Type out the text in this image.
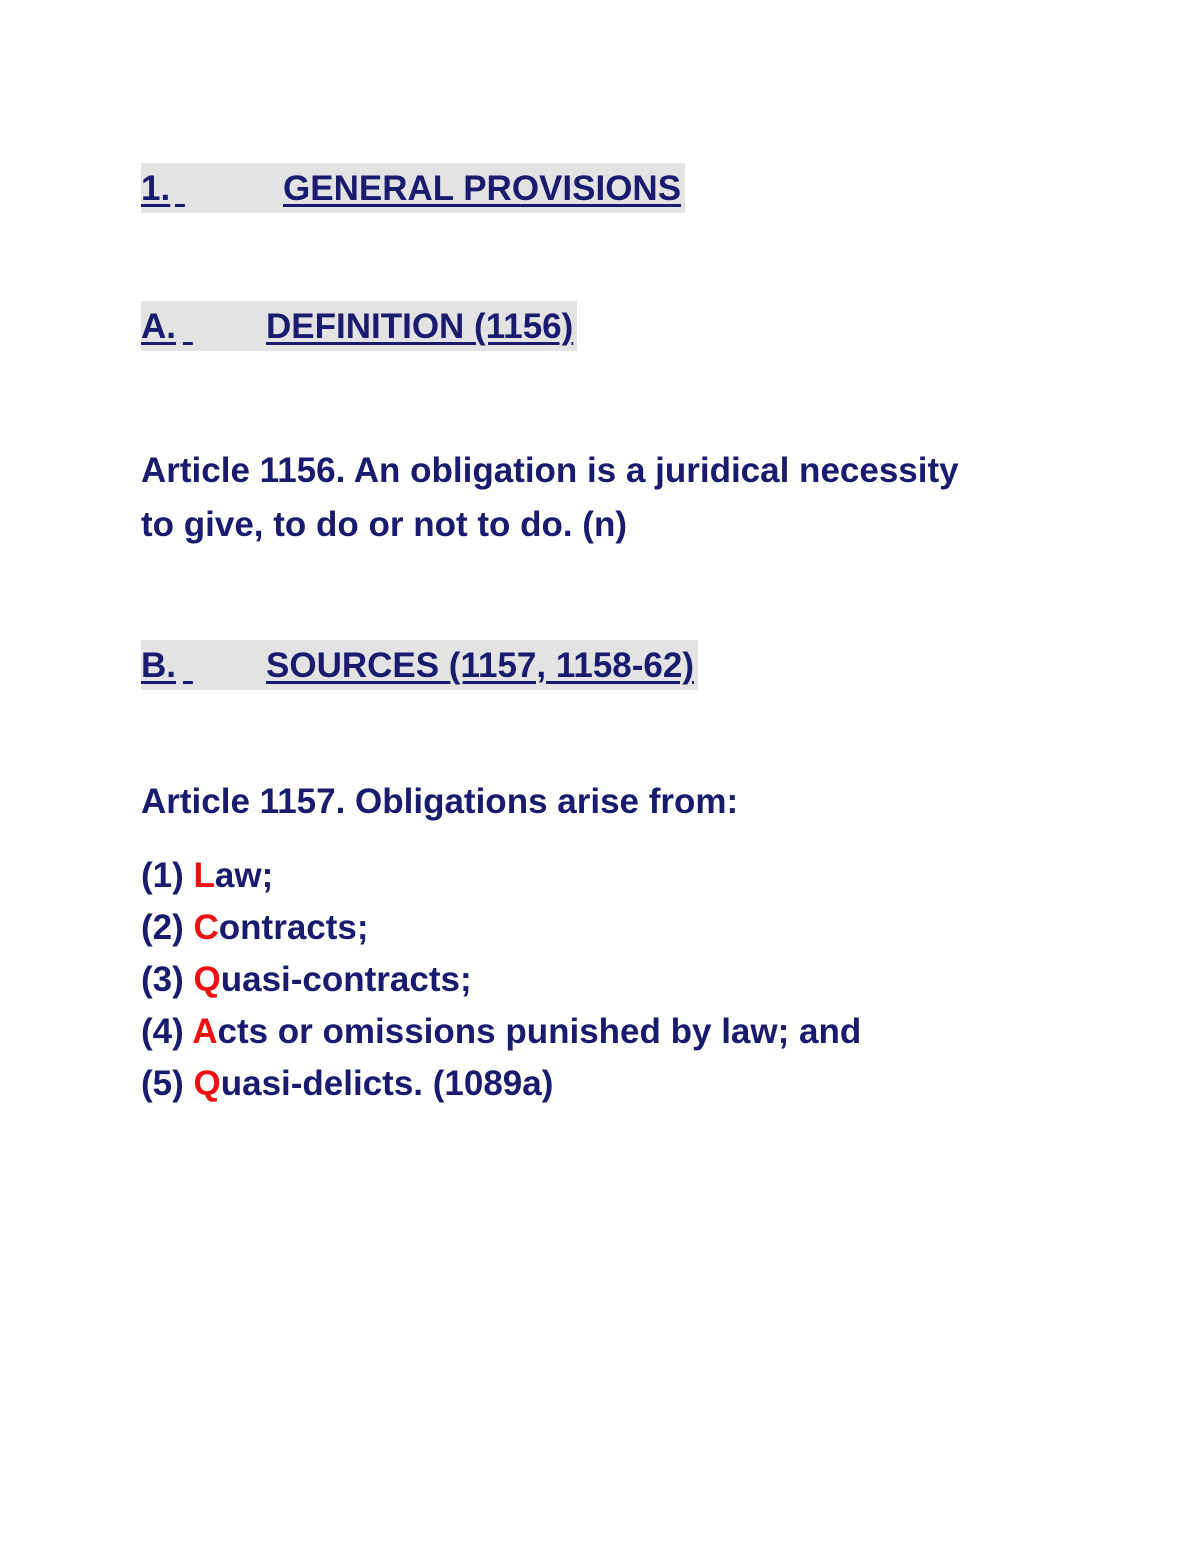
1.
	GENERAL PROVISIONS
A.
	DEFINITION (1156)
Article 1156. An obligation is a juridical necessity
to give, to do or not to do. (n)
B.
	SOURCES (1157, 1158-62)
Article 1157. Obligations arise from:
(1) Law;
(2) Contracts;
(3) Quasi-contracts;
(4) Acts or omissions punished by law; and
(5) Quasi-delicts. (1089a)
